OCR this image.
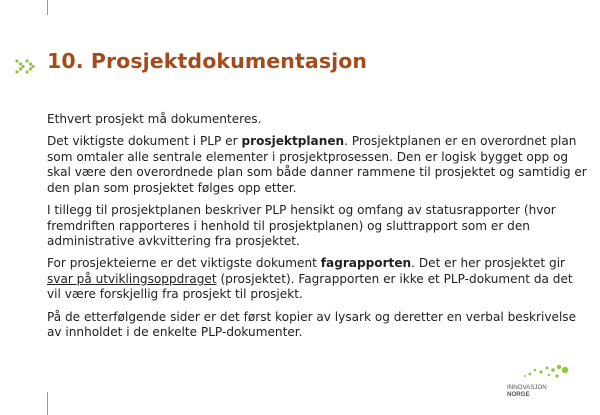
10. Prosjektdokumentasjon

Ethvert prosjekt må dokumenteres.

Det viktigste dokument i PLP er prosjektplanen. Prosjektplanen er en overordnet plan som omtaler alle sentrale elementer i prosjektprosessen. Den er logisk bygget opp og skal være den overordnede plan som både danner rammene til prosjektet og samtidig er den plan som prosjektet følges opp etter.

I tillegg til prosjektplanen beskriver PLP hensikt og omfang av statusrapporter (hvor fremdriften rapporteres i henhold til prosjektplanen) og sluttrapport som er den administrative avkvittering fra prosjektet.

For prosjekteierne er det viktigste dokument fagrapporten. Det er her prosjektet gir svar på utviklingsoppdraget (prosjektet). Fagrapporten er ikke et PLP-dokument da det vil være forskjellig fra prosjekt til prosjekt.

På de etterfølgende sider er det først kopier av lysark og deretter en verbal beskrivelse av innholdet i de enkelte PLP-dokumenter.

INNOVASJON
NORGE
